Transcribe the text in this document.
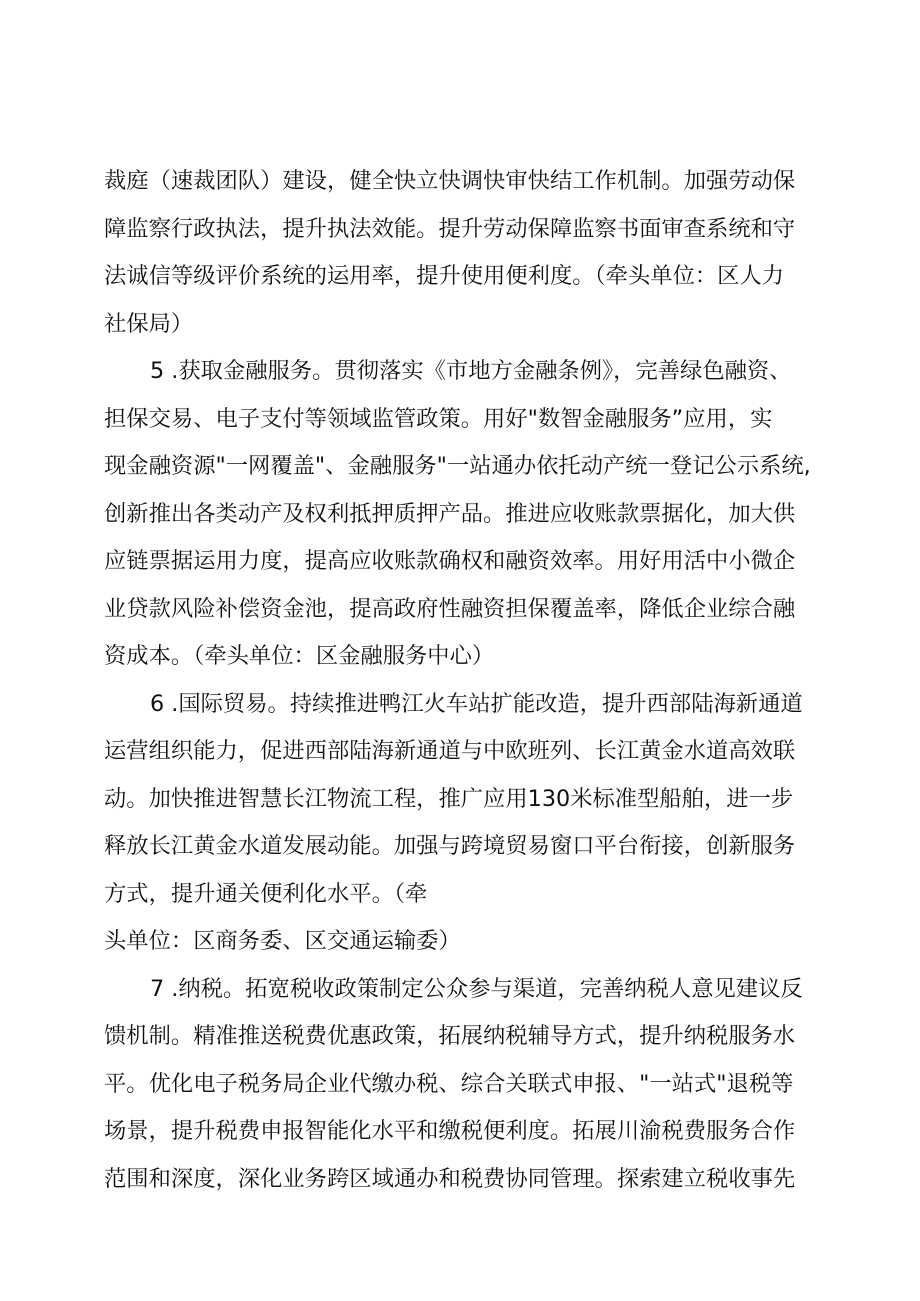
裁庭（速裁团队）建设，健全快立快调快审快结工作机制。加强劳动保
障监察行政执法，提升执法效能。提升劳动保障监察书面审查系统和守
法诚信等级评价系统的运用率，提升使用便利度。（牵头单位：区人力
社保局）

5 .获取金融服务。贯彻落实《市地方金融条例》，完善绿色融资、
担保交易、电子支付等领域监管政策。用好"数智金融服务”应用，实
现金融资源"一网覆盖"、金融服务"一站通办依托动产统一登记公示系统,
创新推出各类动产及权利抵押质押产品。推进应收账款票据化，加大供
应链票据运用力度，提高应收账款确权和融资效率。用好用活中小微企
业贷款风险补偿资金池，提高政府性融资担保覆盖率，降低企业综合融
资成本。（牵头单位：区金融服务中心）

6 .国际贸易。持续推进鸭江火车站扩能改造，提升西部陆海新通道
运营组织能力，促进西部陆海新通道与中欧班列、长江黄金水道高效联
动。加快推进智慧长江物流工程，推广应用130米标准型船舶，进一步
释放长江黄金水道发展动能。加强与跨境贸易窗口平台衔接，创新服务
方式，提升通关便利化水平。（牵
头单位：区商务委、区交通运输委）

7 .纳税。拓宽税收政策制定公众参与渠道，完善纳税人意见建议反
馈机制。精准推送税费优惠政策，拓展纳税辅导方式，提升纳税服务水
平。优化电子税务局企业代缴办税、综合关联式申报、"一站式"退税等
场景，提升税费申报智能化水平和缴税便利度。拓展川渝税费服务合作
范围和深度，深化业务跨区域通办和税费协同管理。探索建立税收事先
